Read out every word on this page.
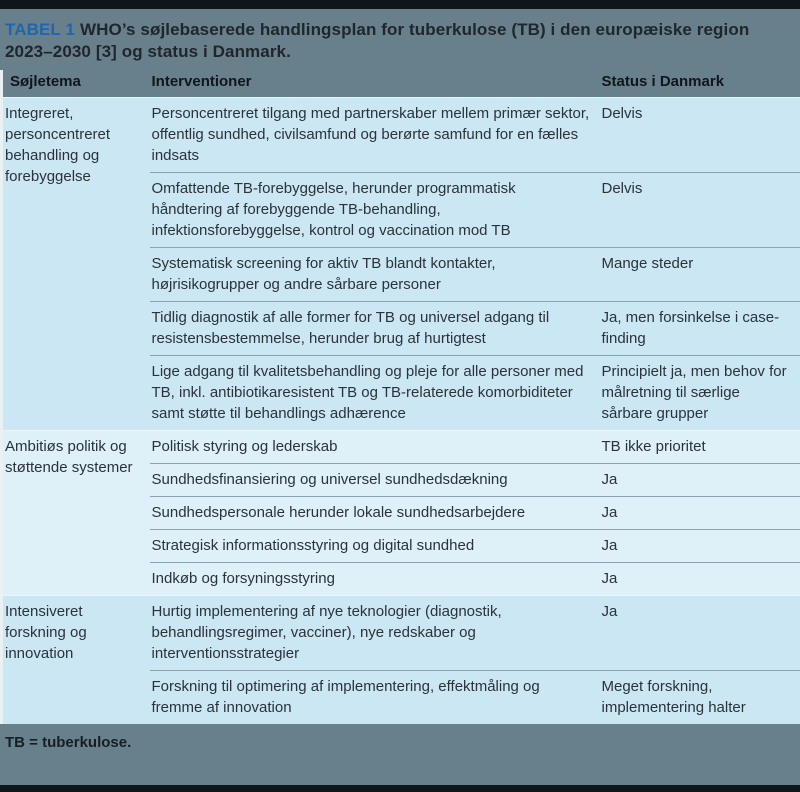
TABEL 1 WHO’s søjlebaserede handlingsplan for tuberkulose (TB) i den europæiske region 2023–2030 [3] og status i Danmark.
Søjletema	Interventioner	Status i Danmark
Integreret, personcentreret behandling og forebyggelse	Personcentreret tilgang med partnerskaber mellem primær sektor, offentlig sundhed, civilsamfund og berørte samfund for en fælles indsats	Delvis
	Omfattende TB-forebyggelse, herunder programmatisk håndtering af forebyggende TB-behandling, infektionsforebyggelse, kontrol og vaccination mod TB	Delvis
	Systematisk screening for aktiv TB blandt kontakter, højrisikogrupper og andre sårbare personer	Mange steder
	Tidlig diagnostik af alle former for TB og universel adgang til resistensbestemmelse, herunder brug af hurtigtest	Ja, men forsinkelse i case-finding
	Lige adgang til kvalitetsbehandling og pleje for alle personer med TB, inkl. antibiotikaresistent TB og TB-relaterede komorbiditeter samt støtte til behandlings adhærence	Principielt ja, men behov for målretning til særlige sårbare grupper
Ambitiøs politik og støttende systemer	Politisk styring og lederskab	TB ikke prioritet
	Sundhedsfinansiering og universel sundhedsdækning	Ja
	Sundhedspersonale herunder lokale sundhedsarbejdere	Ja
	Strategisk informationsstyring og digital sundhed	Ja
	Indkøb og forsyningsstyring	Ja
Intensiveret forskning og innovation	Hurtig implementering af nye teknologier (diagnostik, behandlingsregimer, vacciner), nye redskaber og interventionsstrategier	Ja
	Forskning til optimering af implementering, effektmåling og fremme af innovation	Meget forskning, implementering halter
TB = tuberkulose.
